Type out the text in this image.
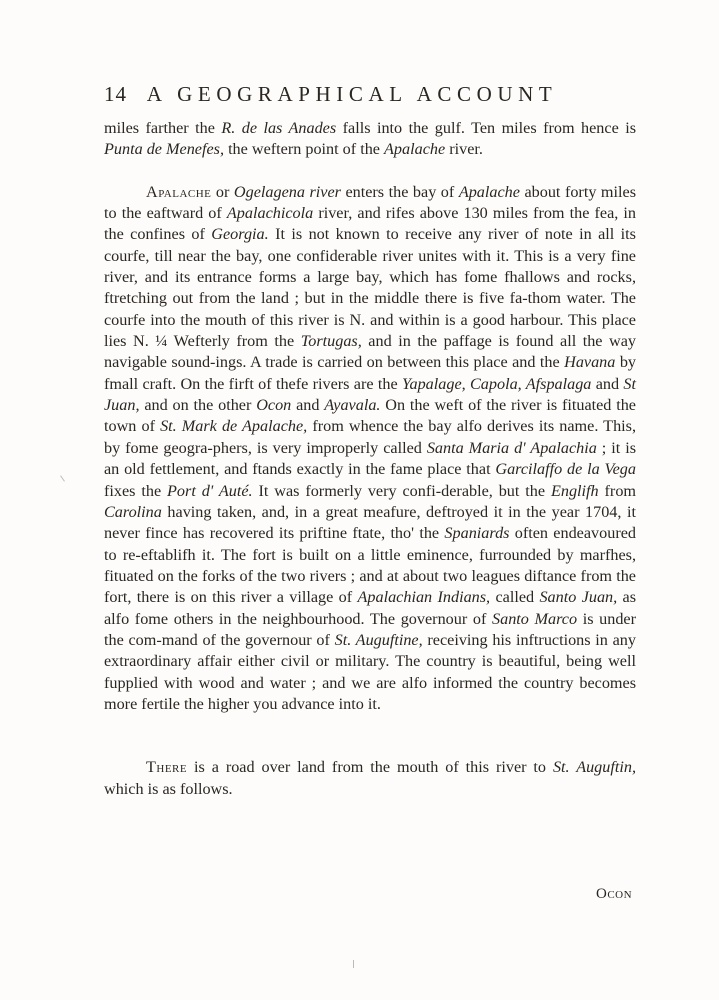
14 A GEOGRAPHICAL ACCOUNT

miles farther the R. de las Anades falls into the gulf. Ten miles from hence is Punta de Menefes, the weftern point of the Apalache river.

Apalache or Ogelagena river enters the bay of Apalache about forty miles to the eaftward of Apalachicola river, and rifes above 130 miles from the fea, in the confines of Georgia. It is not known to receive any river of note in all its courfe, till near the bay, one confiderable river unites with it. This is a very fine river, and its entrance forms a large bay, which has fome fhallows and rocks, ftretching out from the land ; but in the middle there is five fa-thom water. The courfe into the mouth of this river is N. and within is a good harbour. This place lies N. ¼ Wefterly from the Tortugas, and in the paffage is found all the way navigable sound-ings. A trade is carried on between this place and the Havana by fmall craft. On the firft of thefe rivers are the Yapalage, Capola, Afspalaga and St Juan, and on the other Ocon and Ayavala. On the weft of the river is fituated the town of St. Mark de Apalache, from whence the bay alfo derives its name. This, by fome geogra-phers, is very improperly called Santa Maria d' Apalachia ; it is an old fettlement, and ftands exactly in the fame place that Garcilaffo de la Vega fixes the Port d' Auté. It was formerly very confi-derable, but the Englifh from Carolina having taken, and, in a great meafure, deftroyed it in the year 1704, it never fince has recovered its priftine ftate, tho' the Spaniards often endeavoured to re-eftablifh it. The fort is built on a little eminence, furrounded by marfhes, fituated on the forks of the two rivers ; and at about two leagues diftance from the fort, there is on this river a village of Apalachian Indians, called Santo Juan, as alfo fome others in the neighbourhood. The governour of Santo Marco is under the com-mand of the governour of St. Auguftine, receiving his inftructions in any extraordinary affair either civil or military. The country is beautiful, being well fupplied with wood and water ; and we are alfo informed the country becomes more fertile the higher you advance into it.

There is a road over land from the mouth of this river to St. Auguftin, which is as follows.

Ocon
